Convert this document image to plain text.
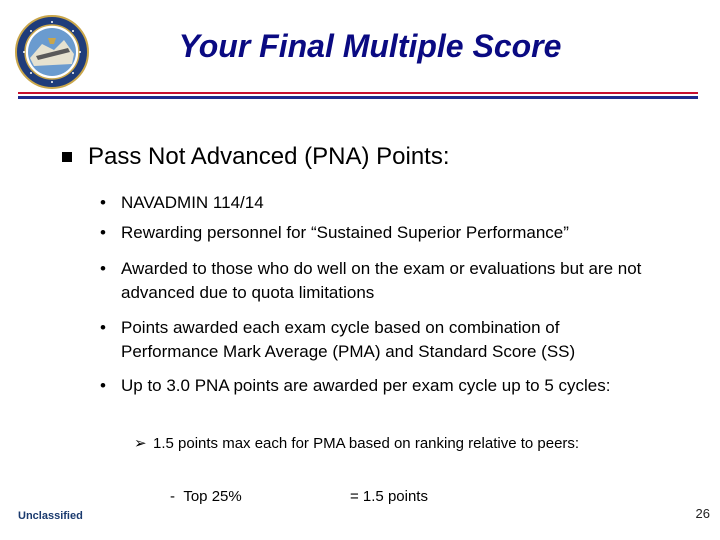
Your Final Multiple Score
Pass Not Advanced (PNA) Points:
• NAVADMIN 114/14
• Rewarding personnel for “Sustained Superior Performance”
• Awarded to those who do well on the exam or evaluations but are not advanced due to quota limitations
• Points awarded each exam cycle based on combination of Performance Mark Average (PMA) and Standard Score (SS)
• Up to 3.0 PNA points are awarded per exam cycle up to 5 cycles:
➢ 1.5 points max each for PMA based on ranking relative to peers:
-  Top 25%	= 1.5 points
Unclassified	26
